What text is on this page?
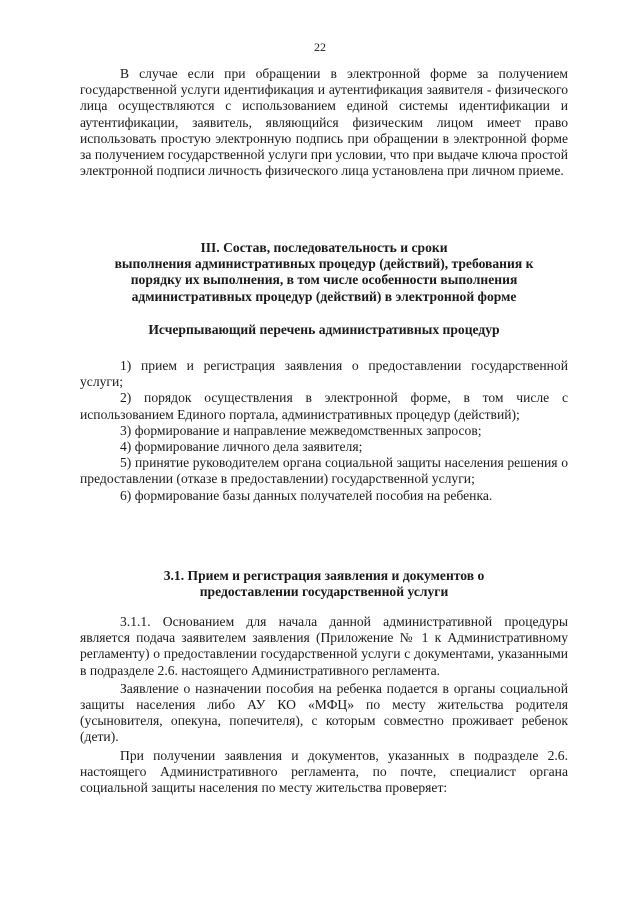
22

В случае если при обращении в электронной форме за получением государственной услуги идентификация и аутентификация заявителя - физического лица осуществляются с использованием единой системы идентификации и аутентификации, заявитель, являющийся физическим лицом имеет право использовать простую электронную подпись при обращении в электронной форме за получением государственной услуги при условии, что при выдаче ключа простой электронной подписи личность физического лица установлена при личном приеме.

III. Состав, последовательность и сроки
выполнения административных процедур (действий), требования к
порядку их выполнения, в том числе особенности выполнения
административных процедур (действий) в электронной форме
Исчерпывающий перечень административных процедур

1) прием и регистрация заявления о предоставлении государственной услуги;

2) порядок осуществления в электронной форме, в том числе с использованием Единого портала, административных процедур (действий);

3) формирование и направление межведомственных запросов;

4) формирование личного дела заявителя;

5) принятие руководителем органа социальной защиты населения решения о предоставлении (отказе в предоставлении) государственной услуги;

6) формирование базы данных получателей пособия на ребенка.

3.1. Прием и регистрация заявления и документов о
предоставлении государственной услуги

3.1.1. Основанием для начала данной административной процедуры является подача заявителем заявления (Приложение № 1 к Административному регламенту) о предоставлении государственной услуги с документами, указанными в подразделе 2.6. настоящего Административного регламента.

Заявление о назначении пособия на ребенка подается в органы социальной защиты населения либо АУ КО «МФЦ» по месту жительства родителя (усыновителя, опекуна, попечителя), с которым совместно проживает ребенок (дети).

При получении заявления и документов, указанных в подразделе 2.6. настоящего Административного регламента, по почте, специалист органа социальной защиты населения по месту жительства проверяет:
